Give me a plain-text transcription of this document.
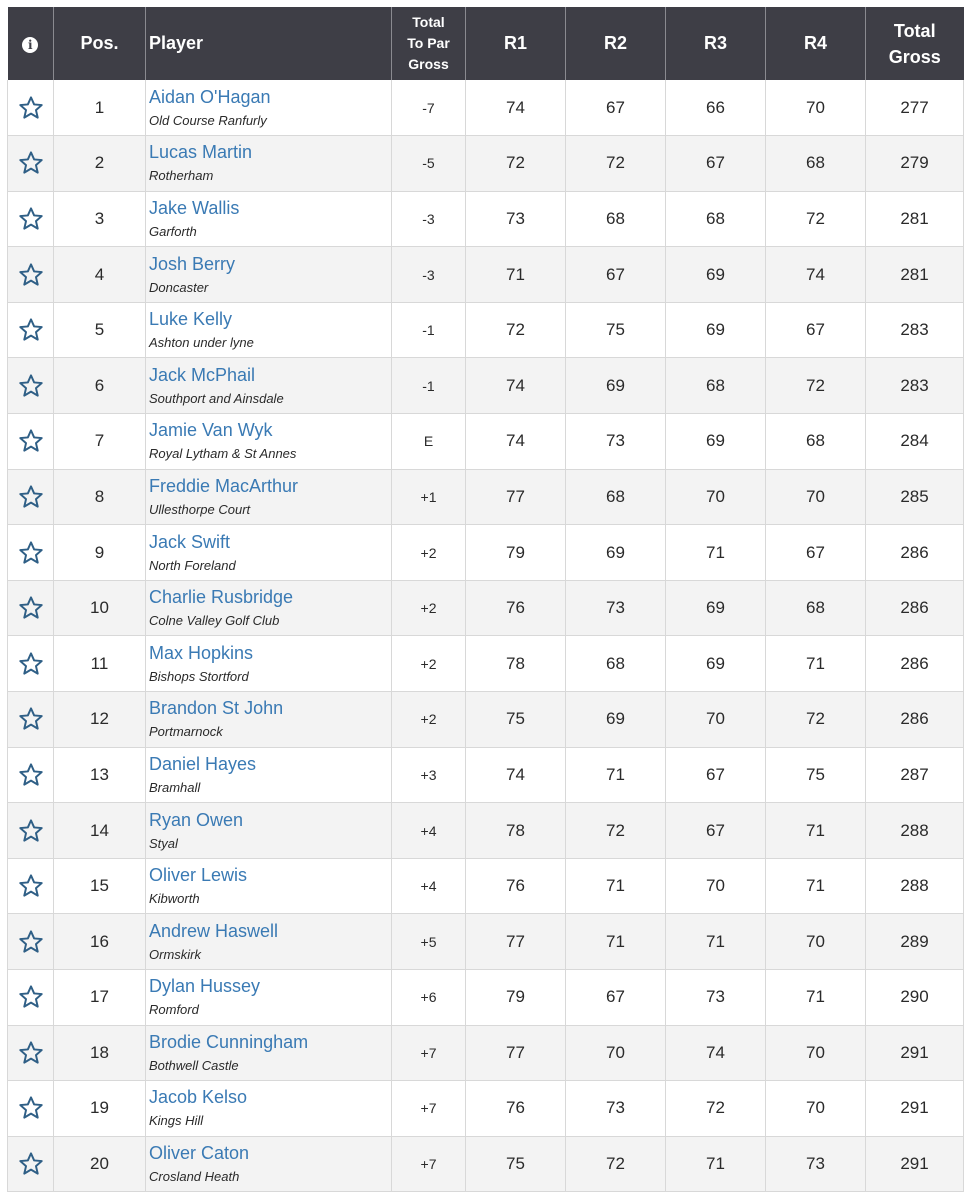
i	Pos.	Player	Total
To Par
Gross	R1	R2	R3	R4	Total
Gross

	1	Aidan O'Hagan
Old Course Ranfurly	-7	74	67	66	70	277

	2	Lucas Martin
Rotherham	-5	72	72	67	68	279

	3	Jake Wallis
Garforth	-3	73	68	68	72	281

	4	Josh Berry
Doncaster	-3	71	67	69	74	281

	5	Luke Kelly
Ashton under lyne	-1	72	75	69	67	283

	6	Jack McPhail
Southport and Ainsdale	-1	74	69	68	72	283

	7	Jamie Van Wyk
Royal Lytham & St Annes	E	74	73	69	68	284

	8	Freddie MacArthur
Ullesthorpe Court	+1	77	68	70	70	285

	9	Jack Swift
North Foreland	+2	79	69	71	67	286

	10	Charlie Rusbridge
Colne Valley Golf Club	+2	76	73	69	68	286

	11	Max Hopkins
Bishops Stortford	+2	78	68	69	71	286

	12	Brandon St John
Portmarnock	+2	75	69	70	72	286

	13	Daniel Hayes
Bramhall	+3	74	71	67	75	287

	14	Ryan Owen
Styal	+4	78	72	67	71	288

	15	Oliver Lewis
Kibworth	+4	76	71	70	71	288

	16	Andrew Haswell
Ormskirk	+5	77	71	71	70	289

	17	Dylan Hussey
Romford	+6	79	67	73	71	290

	18	Brodie Cunningham
Bothwell Castle	+7	77	70	74	70	291

	19	Jacob Kelso
Kings Hill	+7	76	73	72	70	291

	20	Oliver Caton
Crosland Heath	+7	75	72	71	73	291
